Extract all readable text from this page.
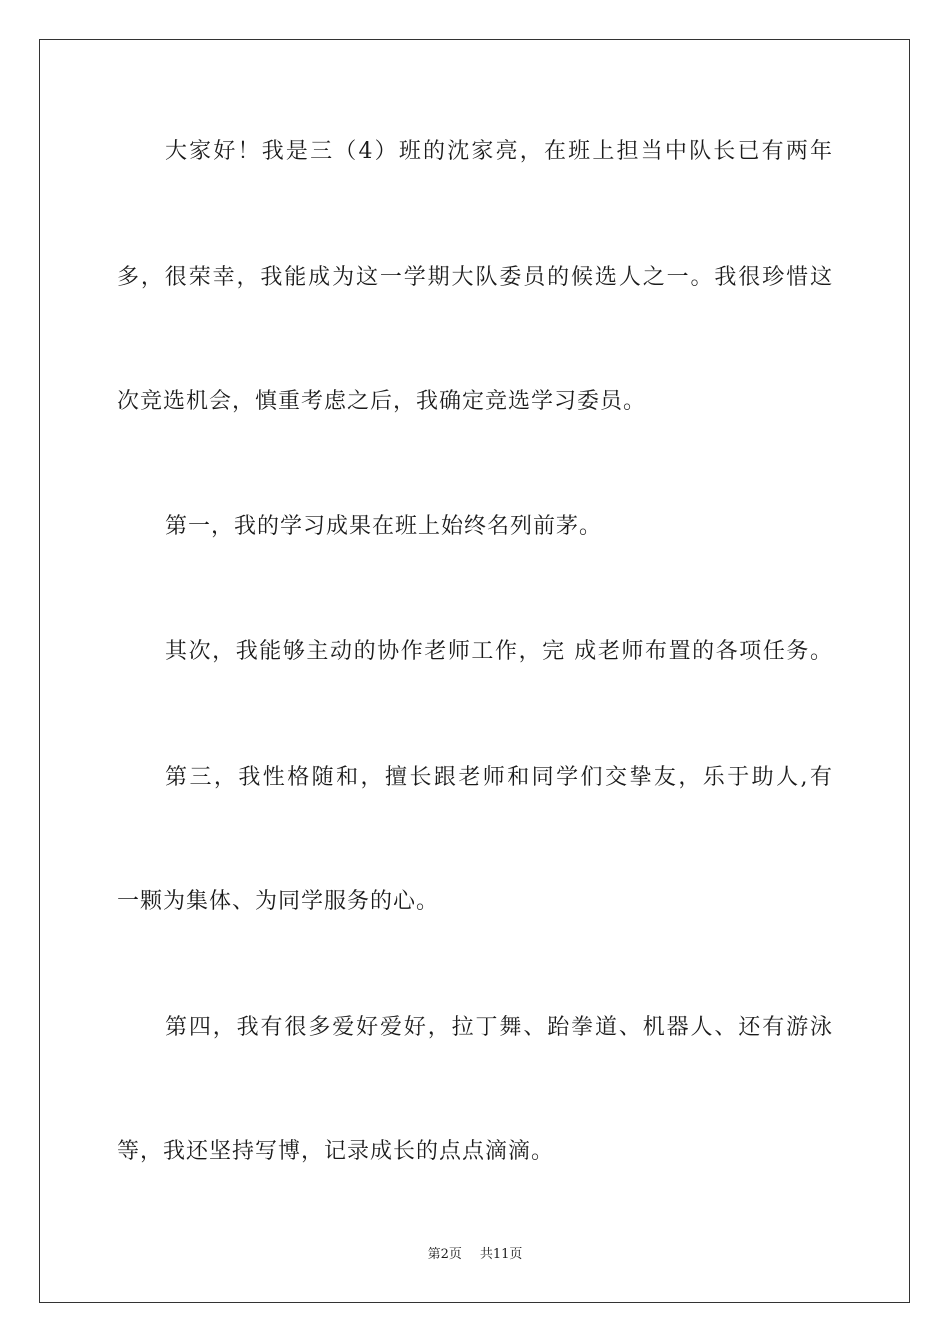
大家好！我是三（4）班的沈家亮，在班上担当中队长已有两年
多，很荣幸，我能成为这一学期大队委员的候选人之一。我很珍惜这
次竞选机会，慎重考虑之后，我确定竞选学习委员。
第一，我的学习成果在班上始终名列前茅。
其次，我能够主动的协作老师工作，完 成老师布置的各项任务。
第三，我性格随和，擅长跟老师和同学们交挚友，乐于助人,有
一颗为集体、为同学服务的心。
第四，我有很多爱好爱好，拉丁舞、跆拳道、机器人、还有游泳
等，我还坚持写博，记录成长的点点滴滴。
第2页 共11页
